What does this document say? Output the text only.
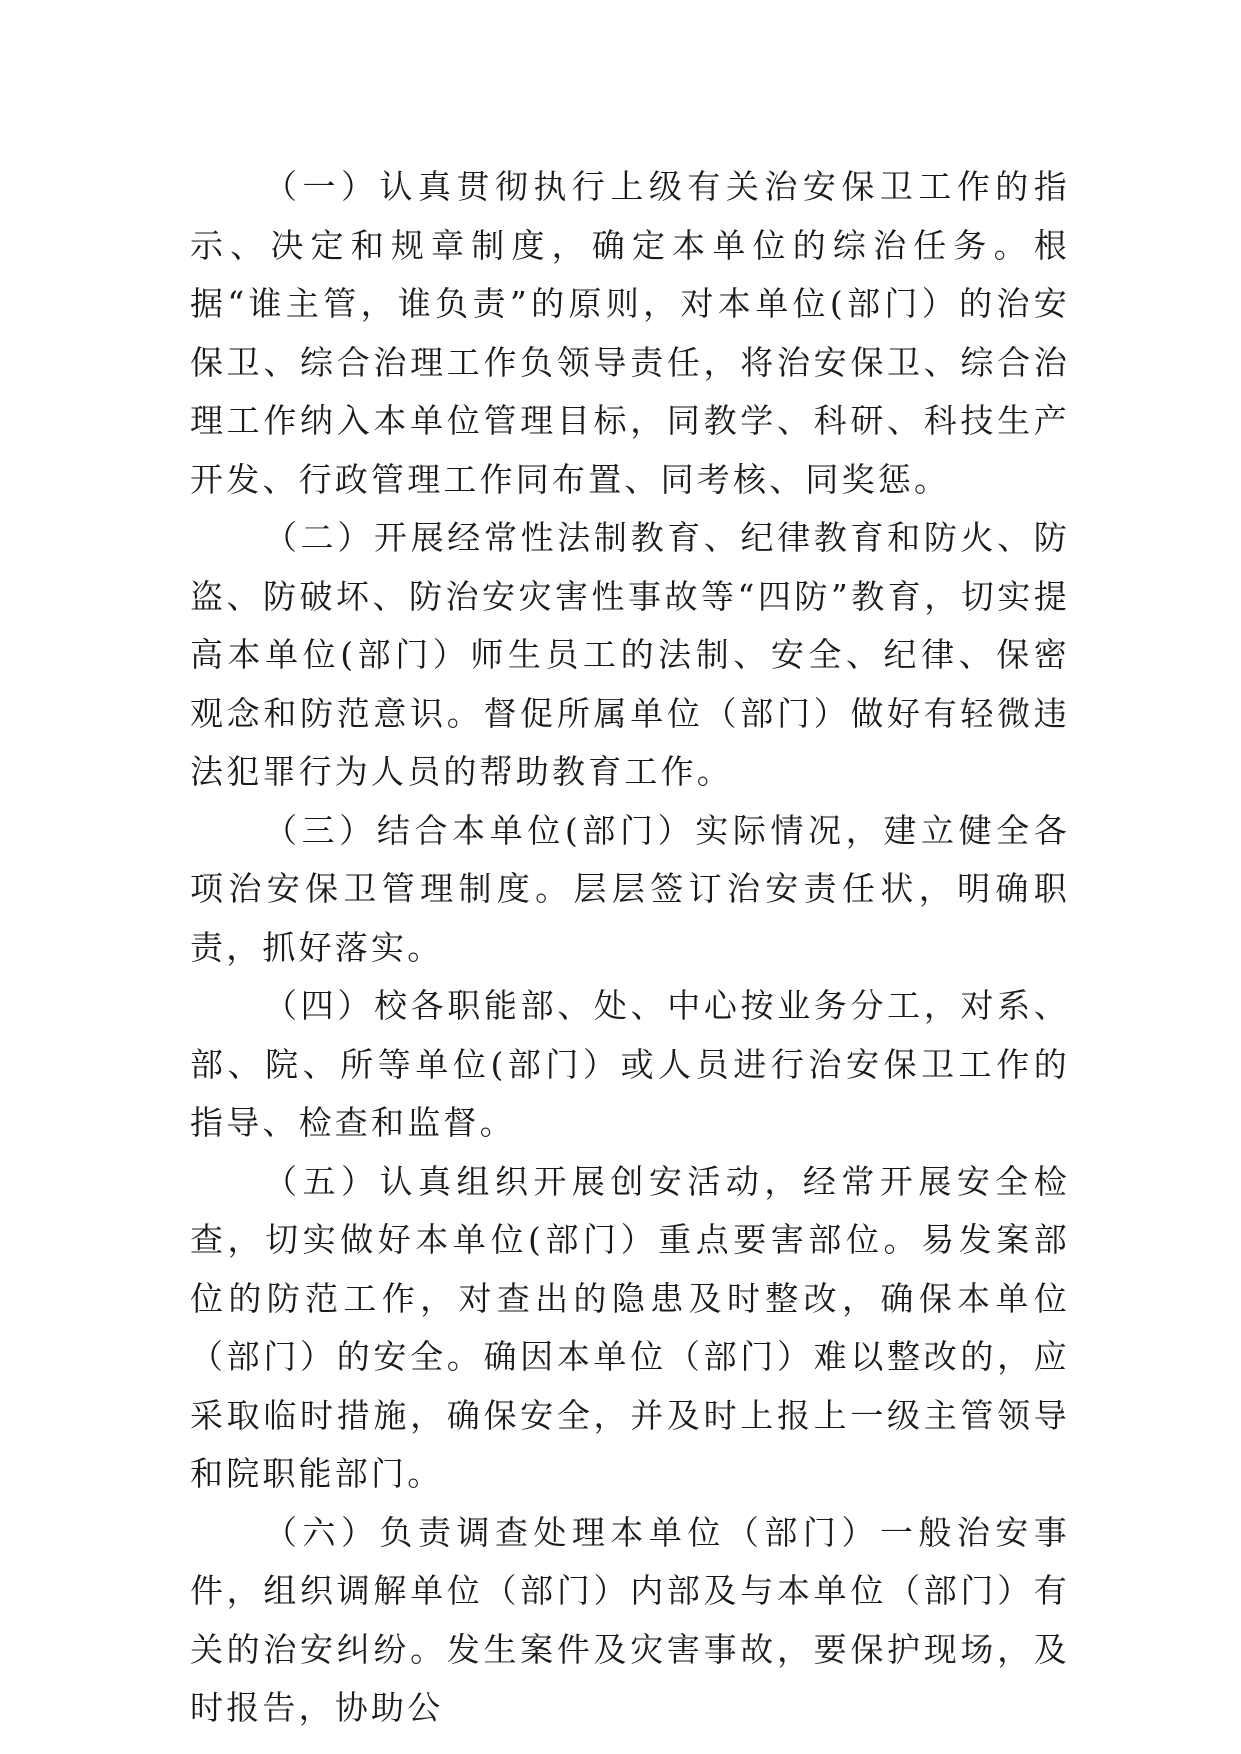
（一）认真贯彻执行上级有关治安保卫工作的指示、决定和规章制度，确定本单位的综治任务。根据“谁主管，谁负责”的原则，对本单位(部门）的治安保卫、综合治理工作负领导责任，将治安保卫、综合治理工作纳入本单位管理目标，同教学、科研、科技生产开发、行政管理工作同布置、同考核、同奖惩。

（二）开展经常性法制教育、纪律教育和防火、防盗、防破坏、防治安灾害性事故等“四防”教育，切实提高本单位(部门）师生员工的法制、安全、纪律、保密观念和防范意识。督促所属单位（部门）做好有轻微违法犯罪行为人员的帮助教育工作。

（三）结合本单位(部门）实际情况，建立健全各项治安保卫管理制度。层层签订治安责任状，明确职责，抓好落实。

（四）校各职能部、处、中心按业务分工，对系、部、院、所等单位(部门）或人员进行治安保卫工作的指导、检查和监督。

（五）认真组织开展创安活动，经常开展安全检查，切实做好本单位(部门）重点要害部位。易发案部位的防范工作，对查出的隐患及时整改，确保本单位（部门）的安全。确因本单位（部门）难以整改的，应采取临时措施，确保安全，并及时上报上一级主管领导和院职能部门。

（六）负责调查处理本单位（部门）一般治安事件，组织调解单位（部门）内部及与本单位（部门）有关的治安纠纷。发生案件及灾害事故，要保护现场，及时报告，协助公
